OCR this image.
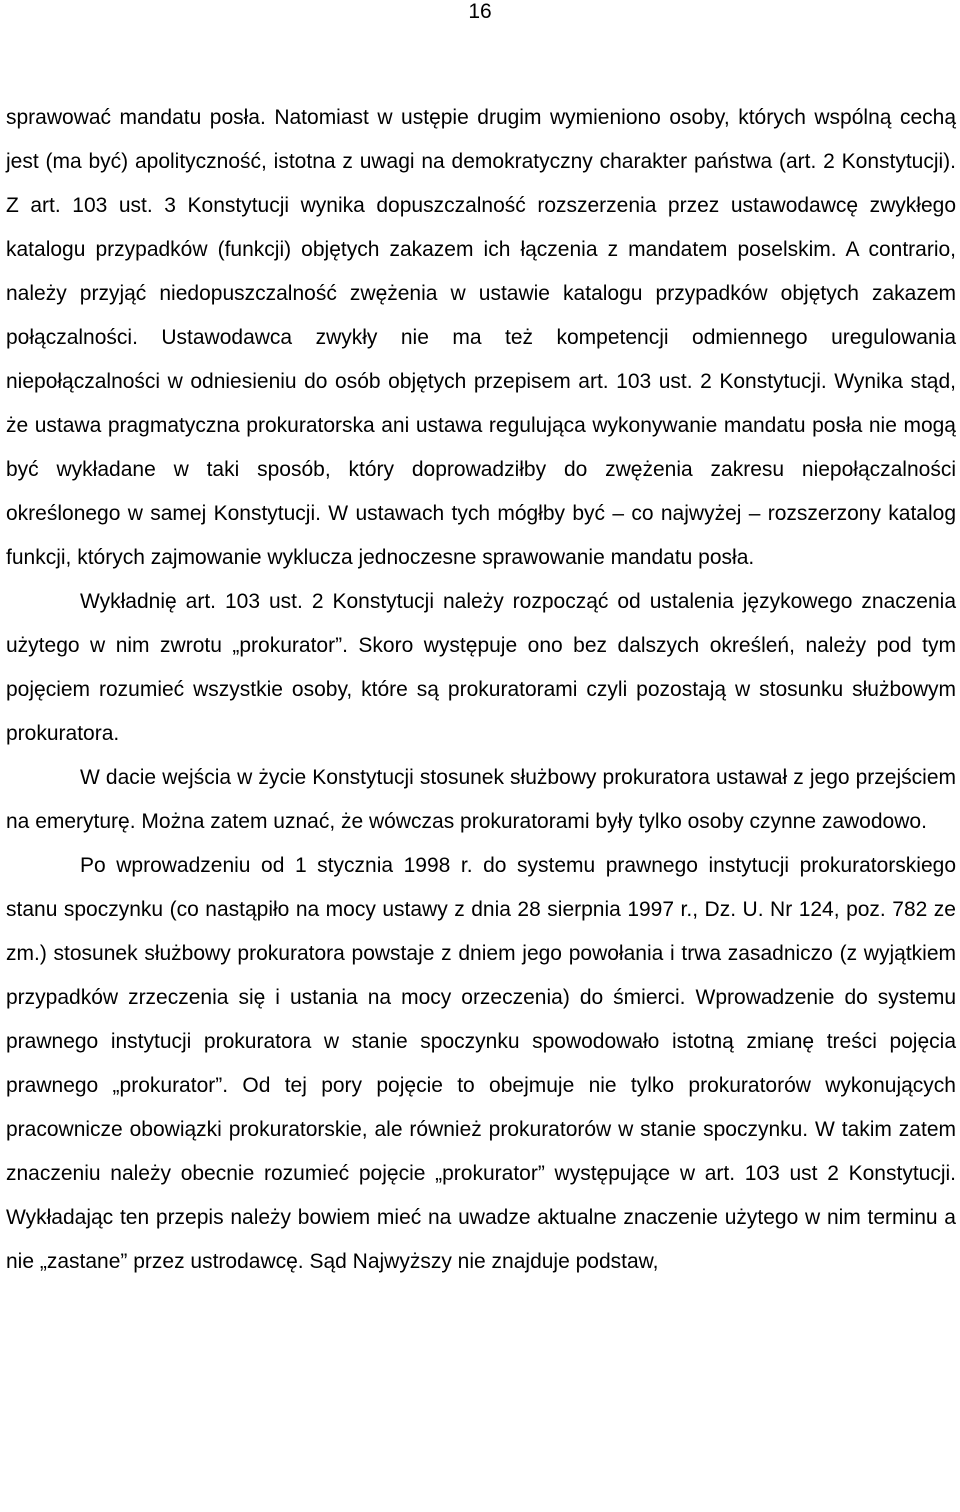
16

sprawować mandatu posła. Natomiast w ustępie drugim wymieniono osoby, których wspólną cechą jest (ma być) apolityczność, istotna z uwagi na demokratyczny charakter państwa (art. 2 Konstytucji). Z art. 103 ust. 3 Konstytucji wynika dopuszczalność rozszerzenia przez ustawodawcę zwykłego katalogu przypadków (funkcji) objętych zakazem ich łączenia z mandatem poselskim. A contrario, należy przyjąć niedopuszczalność zwężenia w ustawie katalogu przypadków objętych zakazem połączalności. Ustawodawca zwykły nie ma też kompetencji odmiennego uregulowania niepołączalności w odniesieniu do osób objętych przepisem art. 103 ust. 2 Konstytucji. Wynika stąd, że ustawa pragmatyczna prokuratorska ani ustawa regulująca wykonywanie mandatu posła nie mogą być wykładane w taki sposób, który doprowadziłby do zwężenia zakresu niepołączalności określonego w samej Konstytucji. W ustawach tych mógłby być – co najwyżej – rozszerzony katalog funkcji, których zajmowanie wyklucza jednoczesne sprawowanie mandatu posła.

Wykładnię art. 103 ust. 2 Konstytucji należy rozpocząć od ustalenia językowego znaczenia użytego w nim zwrotu „prokurator”. Skoro występuje ono bez dalszych określeń, należy pod tym pojęciem rozumieć wszystkie osoby, które są prokuratorami czyli pozostają w stosunku służbowym prokuratora.

W dacie wejścia w życie Konstytucji stosunek służbowy prokuratora ustawał z jego przejściem na emeryturę. Można zatem uznać, że wówczas prokuratorami były tylko osoby czynne zawodowo.

Po wprowadzeniu od 1 stycznia 1998 r. do systemu prawnego instytucji prokuratorskiego stanu spoczynku (co nastąpiło na mocy ustawy z dnia 28 sierpnia 1997 r., Dz. U. Nr 124, poz. 782 ze zm.) stosunek służbowy prokuratora powstaje z dniem jego powołania i trwa zasadniczo (z wyjątkiem przypadków zrzeczenia się i ustania na mocy orzeczenia) do śmierci. Wprowadzenie do systemu prawnego instytucji prokuratora w stanie spoczynku spowodowało istotną zmianę treści pojęcia prawnego „prokurator”. Od tej pory pojęcie to obejmuje nie tylko prokuratorów wykonujących pracownicze obowiązki prokuratorskie, ale również prokuratorów w stanie spoczynku. W takim zatem znaczeniu należy obecnie rozumieć pojęcie „prokurator” występujące w art. 103 ust 2 Konstytucji. Wykładając ten przepis należy bowiem mieć na uwadze aktualne znaczenie użytego w nim terminu a nie „zastane” przez ustrodawcę. Sąd Najwyższy nie znajduje podstaw,
